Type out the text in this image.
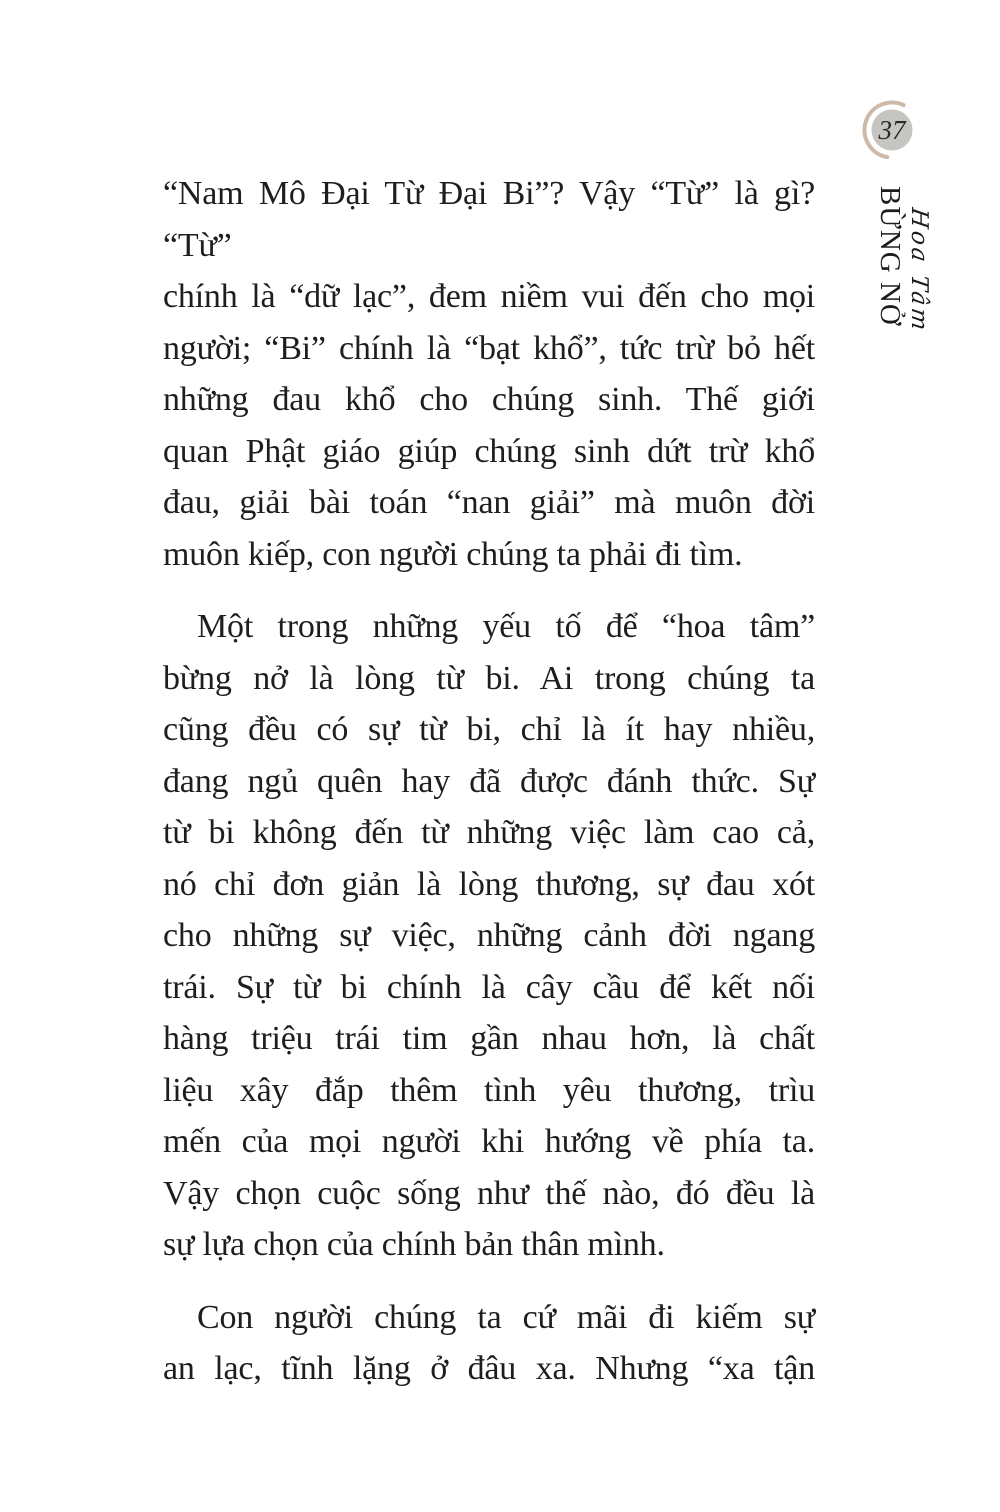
37
Hoa Tâm
BỪNG NỞ
“Nam Mô Đại Từ Đại Bi”? Vậy “Từ” là gì? “Từ”
chính là “dữ lạc”, đem niềm vui đến cho mọi
người; “Bi” chính là “bạt khổ”, tức trừ bỏ hết
những đau khổ cho chúng sinh. Thế giới
quan Phật giáo giúp chúng sinh dứt trừ khổ
đau, giải bài toán “nan giải” mà muôn đời
muôn kiếp, con người chúng ta phải đi tìm.
Một trong những yếu tố để “hoa tâm”
bừng nở là lòng từ bi. Ai trong chúng ta
cũng đều có sự từ bi, chỉ là ít hay nhiều,
đang ngủ quên hay đã được đánh thức. Sự
từ bi không đến từ những việc làm cao cả,
nó chỉ đơn giản là lòng thương, sự đau xót
cho những sự việc, những cảnh đời ngang
trái. Sự từ bi chính là cây cầu để kết nối
hàng triệu trái tim gần nhau hơn, là chất
liệu xây đắp thêm tình yêu thương, trìu
mến của mọi người khi hướng về phía ta.
Vậy chọn cuộc sống như thế nào, đó đều là
sự lựa chọn của chính bản thân mình.
Con người chúng ta cứ mãi đi kiếm sự
an lạc, tĩnh lặng ở đâu xa. Nhưng “xa tận
